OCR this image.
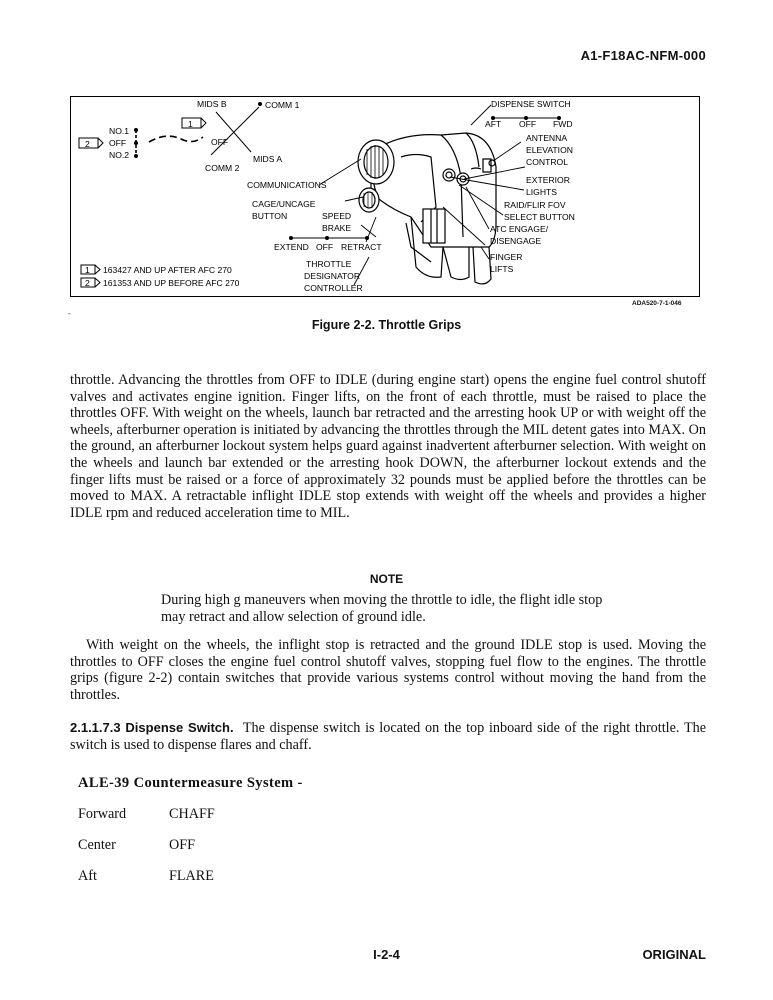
A1-F18AC-NFM-000
2
NO.1
OFF
NO.2
1
MIDS B	COMM 1
OFF
COMM 2
MIDS A
DISPENSE SWITCH
AFT OFF FWD
ANTENNA
ELEVATION
CONTROL
EXTERIOR
LIGHTS
RAID/FLIR FOV
SELECT BUTTON
ATC ENGAGE/
DISENGAGE
FINGER
LIFTS
COMMUNICATIONS
CAGE/UNCAGE
BUTTON	SPEED
BRAKE
EXTEND OFF RETRACT
THROTTLE
DESIGNATOR
CONTROLLER
1 163427 AND UP AFTER AFC 270
2 161353 AND UP BEFORE AFC 270
ADA520-7-1-046
-
Figure 2-2. Throttle Grips

throttle. Advancing the throttles from OFF to IDLE (during engine start) opens the engine fuel control shutoff valves and activates engine ignition. Finger lifts, on the front of each throttle, must be raised to place the throttles OFF. With weight on the wheels, launch bar retracted and the arresting hook UP or with weight off the wheels, afterburner operation is initiated by advancing the throttles through the MIL detent gates into MAX. On the ground, an afterburner lockout system helps guard against inadvertent afterburner selection. With weight on the wheels and launch bar extended or the arresting hook DOWN, the afterburner lockout extends and the finger lifts must be raised or a force of approximately 32 pounds must be applied before the throttles can be moved to MAX. A retractable inflight IDLE stop extends with weight off the wheels and provides a higher IDLE rpm and reduced acceleration time to MIL.

NOTE

During high g maneuvers when moving the throttle to idle, the flight idle stop may retract and allow selection of ground idle.

With weight on the wheels, the inflight stop is retracted and the ground IDLE stop is used. Moving the throttles to OFF closes the engine fuel control shutoff valves, stopping fuel flow to the engines. The throttle grips (figure 2-2) contain switches that provide various systems control without moving the hand from the throttles.

2.1.1.7.3 Dispense Switch. The dispense switch is located on the top inboard side of the right throttle. The switch is used to dispense flares and chaff.

ALE-39 Countermeasure System -
Forward	CHAFF
Center	OFF
Aft	FLARE
I-2-4	ORIGINAL
